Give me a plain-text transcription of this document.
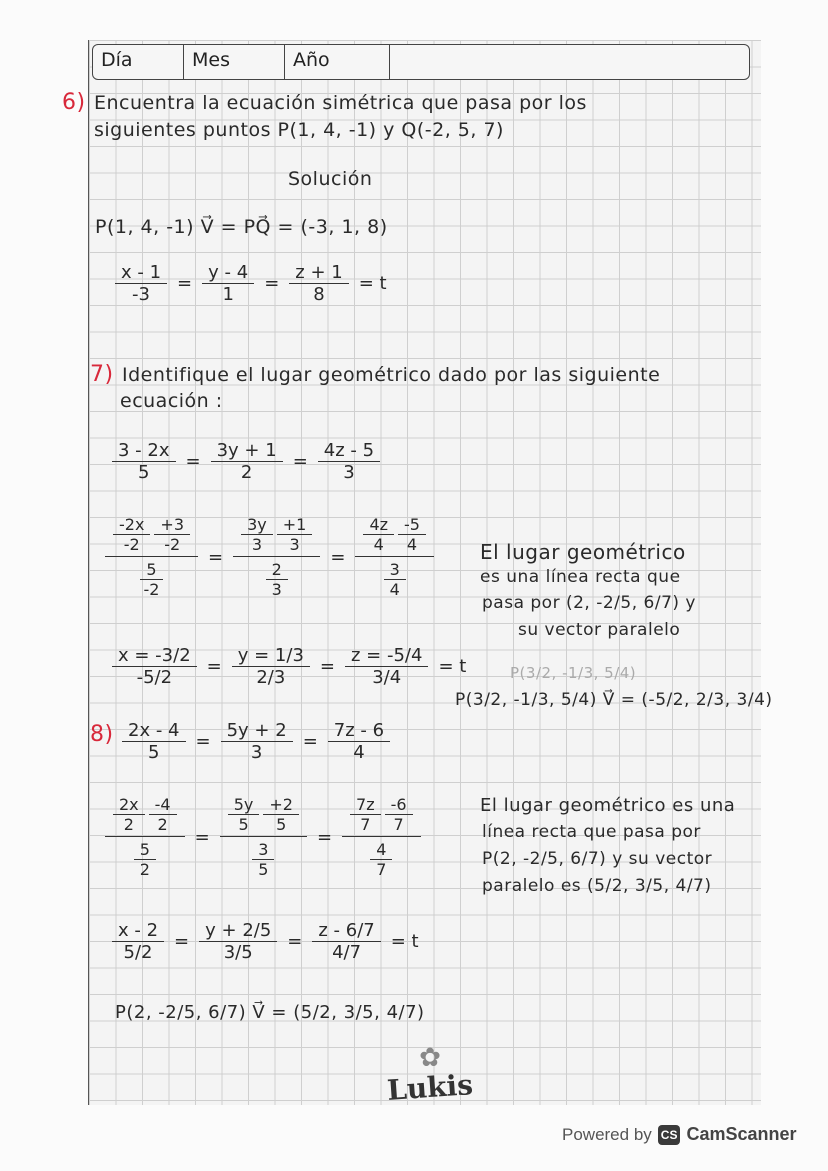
Día	Mes	Año
6) Encuentra la ecuación simétrica que pasa por los
siguientes puntos P(1, 4, -1) y Q(-2, 5, 7)
Solución
P(1, 4, -1) V⃗ = PQ⃗ = (-3, 1, 8)
$\frac{x - 1}{-3} = \frac{y - 4}{1} = \frac{z + 1}{8} = t$
7) Identifique el lugar geométrico dado por las siguiente
ecuación :
$\frac{3 - 2x}{5} = \frac{3y + 1}{2} = \frac{4z - 5}{3}$
$\frac{\frac{-2x}{-2} \frac{+3}{-2}}{\frac{5}{-2}} = \frac{\frac{3y}{3} \frac{+1}{3}}{\frac{2}{3}} = \frac{\frac{4z}{4} \frac{-5}{4}}{\frac{3}{4}}$
$\frac{x = -3/2}{-5/2} = \frac{y = 1/3}{2/3} = \frac{z = -5/4}{3/4} = t$
El lugar geométrico
es una línea recta que
pasa por (2, -2/5, 6/7) y
su vector paralelo
P(3/2, -1/3, 5/4)
P(3/2, -1/3, 5/4) V⃗ = (-5/2, 2/3, 3/4)
$8) \frac{2x - 4}{5} = \frac{5y + 2}{3} = \frac{7z - 6}{4}$
$\frac{\frac{2x}{2} \frac{-4}{2}}{\frac{5}{2}} = \frac{\frac{5y}{5} \frac{+2}{5}}{\frac{3}{5}} = \frac{\frac{7z}{7} \frac{-6}{7}}{\frac{4}{7}}$
$\frac{x - 2}{5/2} = \frac{y + 2/5}{3/5} = \frac{z - 6/7}{4/7} = t$
El lugar geométrico es una
línea recta que pasa por
P(2, -2/5, 6/7) y su vector
paralelo es (5/2, 3/5, 4/7)
P(2, -2/5, 6/7) V⃗ = (5/2, 3/5, 4/7)
✿
Lukis
Powered by CS CamScanner
